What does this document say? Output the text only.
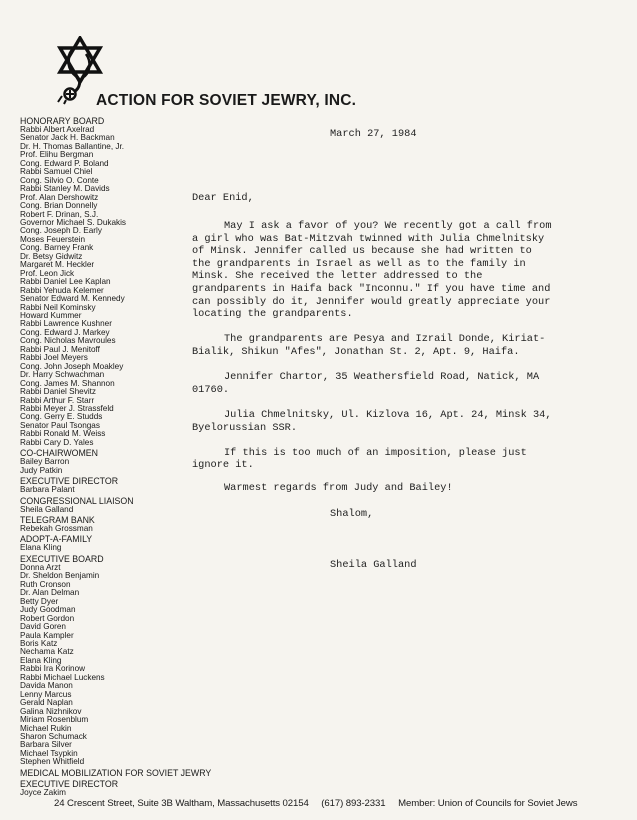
ACTION FOR SOVIET JEWRY, INC.
HONORARY BOARD
Rabbi Albert Axelrad
Senator Jack H. Backman
Dr. H. Thomas Ballantine, Jr.
Prof. Elihu Bergman
Cong. Edward P. Boland
Rabbi Samuel Chiel
Cong. Silvio O. Conte
Rabbi Stanley M. Davids
Prof. Alan Dershowitz
Cong. Brian Donnelly
Robert F. Drinan, S.J.
Governor Michael S. Dukakis
Cong. Joseph D. Early
Moses Feuerstein
Cong. Barney Frank
Dr. Betsy Gidwitz
Margaret M. Heckler
Prof. Leon Jick
Rabbi Daniel Lee Kaplan
Rabbi Yehuda Kelemer
Senator Edward M. Kennedy
Rabbi Neil Kominsky
Howard Kummer
Rabbi Lawrence Kushner
Cong. Edward J. Markey
Cong. Nicholas Mavroules
Rabbi Paul J. Menitoff
Rabbi Joel Meyers
Cong. John Joseph Moakley
Dr. Harry Schwachman
Cong. James M. Shannon
Rabbi Daniel Shevitz
Rabbi Arthur F. Starr
Rabbi Meyer J. Strassfeld
Cong. Gerry E. Studds
Senator Paul Tsongas
Rabbi Ronald M. Weiss
Rabbi Cary D. Yales
CO-CHAIRWOMEN
Bailey Barron
Judy Patkin
EXECUTIVE DIRECTOR
Barbara Palant
CONGRESSIONAL LIAISON
Sheila Galland
TELEGRAM BANK
Rebekah Grossman
ADOPT-A-FAMILY
Elana Kling
EXECUTIVE BOARD
Donna Arzt
Dr. Sheldon Benjamin
Ruth Cronson
Dr. Alan Delman
Betty Dyer
Judy Goodman
Robert Gordon
David Goren
Paula Kampler
Boris Katz
Nechama Katz
Elana Kling
Rabbi Ira Korinow
Rabbi Michael Luckens
Davida Manon
Lenny Marcus
Gerald Naplan
Galina Nizhnikov
Miriam Rosenblum
Michael Rukin
Sharon Schumack
Barbara Silver
Michael Tsypkin
Stephen Whitfield
MEDICAL MOBILIZATION FOR SOVIET JEWRY
EXECUTIVE DIRECTOR
Joyce Zakim
March 27, 1984
Dear Enid,

May I ask a favor of you? We recently got a call from a girl who was Bat-Mitzvah twinned with Julia Chmelnitsky of Minsk. Jennifer called us because she had written to the grandparents in Israel as well as to the family in Minsk. She received the letter addressed to the grandparents in Haifa back "Inconnu." If you have time and can possibly do it, Jennifer would greatly appreciate your locating the grandparents.

The grandparents are Pesya and Izrail Donde, Kiriat-Bialik, Shikun "Afes", Jonathan St. 2, Apt. 9, Haifa.

Jennifer Chartor, 35 Weathersfield Road, Natick, MA 01760.

Julia Chmelnitsky, Ul. Kizlova 16, Apt. 24, Minsk 34, Byelorussian SSR.

If this is too much of an imposition, please just ignore it.

Warmest regards from Judy and Bailey!
Shalom,
Sheila Galland
24 Crescent Street, Suite 3B Waltham, Massachusetts 02154 (617) 893-2331 Member: Union of Councils for Soviet Jews
